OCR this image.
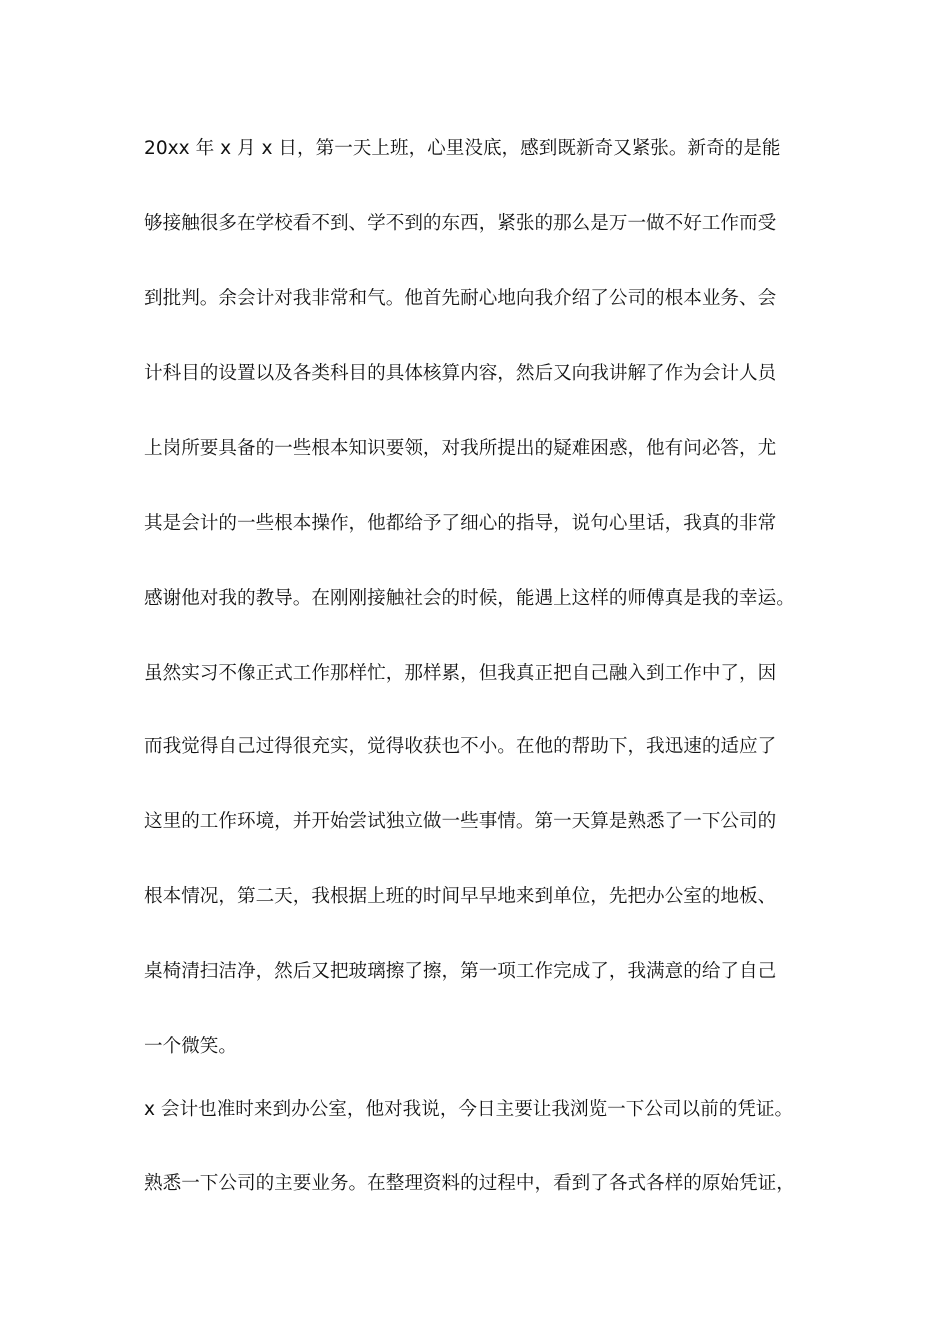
20xx 年 x 月 x 日，第一天上班，心里没底，感到既新奇又紧张。新奇的是能
够接触很多在学校看不到、学不到的东西，紧张的那么是万一做不好工作而受
到批判。余会计对我非常和气。他首先耐心地向我介绍了公司的根本业务、会
计科目的设置以及各类科目的具体核算内容，然后又向我讲解了作为会计人员
上岗所要具备的一些根本知识要领，对我所提出的疑难困惑，他有问必答，尤
其是会计的一些根本操作，他都给予了细心的指导，说句心里话，我真的非常
感谢他对我的教导。在刚刚接触社会的时候，能遇上这样的师傅真是我的幸运。
虽然实习不像正式工作那样忙，那样累，但我真正把自己融入到工作中了，因
而我觉得自己过得很充实，觉得收获也不小。在他的帮助下，我迅速的适应了
这里的工作环境，并开始尝试独立做一些事情。第一天算是熟悉了一下公司的
根本情况，第二天，我根据上班的时间早早地来到单位，先把办公室的地板、
桌椅清扫洁净，然后又把玻璃擦了擦，第一项工作完成了，我满意的给了自己
一个微笑。
x 会计也准时来到办公室，他对我说，今日主要让我浏览一下公司以前的凭证。
熟悉一下公司的主要业务。在整理资料的过程中，看到了各式各样的原始凭证，
